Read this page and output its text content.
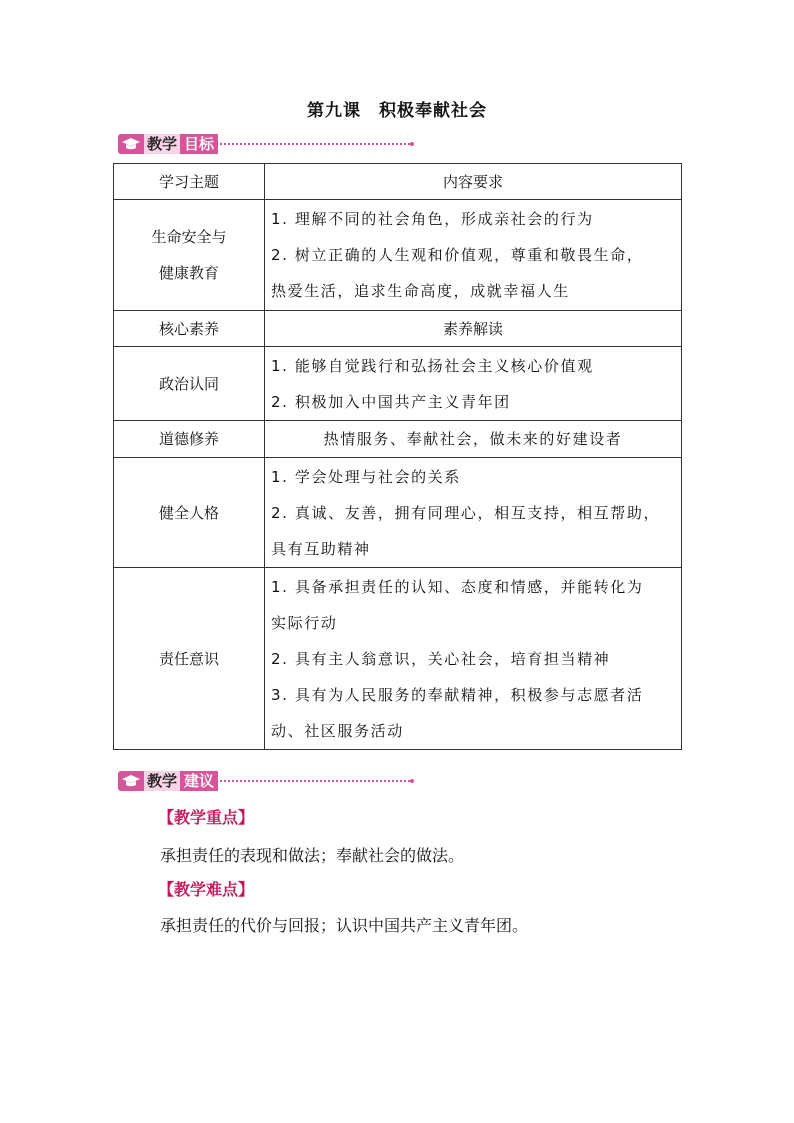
第九课　积极奉献社会
教学 目标
学习主题	内容要求

生命安全与
健康教育	1. 理解不同的社会角色，形成亲社会的行为
2. 树立正确的人生观和价值观，尊重和敬畏生命，
热爱生活，追求生命高度，成就幸福人生

核心素养	素养解读
政治认同	1. 能够自觉践行和弘扬社会主义核心价值观
2. 积极加入中国共产主义青年团

道德修养	热情服务、奉献社会，做未来的好建设者
健全人格	1. 学会处理与社会的关系
2. 真诚、友善，拥有同理心，相互支持，相互帮助，
具有互助精神

责任意识	1. 具备承担责任的认知、态度和情感，并能转化为
实际行动
2. 具有主人翁意识，关心社会，培育担当精神
3. 具有为人民服务的奉献精神，积极参与志愿者活
动、社区服务活动
教学 建议
【教学重点】
承担责任的表现和做法；奉献社会的做法。
【教学难点】
承担责任的代价与回报；认识中国共产主义青年团。
